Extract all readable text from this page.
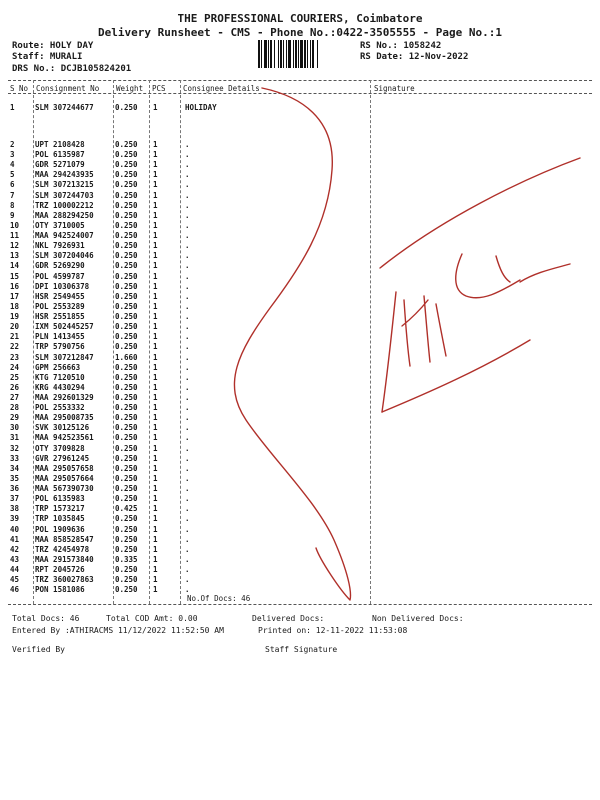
THE PROFESSIONAL COURIERS, Coimbatore
Delivery Runsheet - CMS - Phone No.:0422-3505555 - Page No.:1
Route: HOLY DAY
Staff: MURALI
DRS No.: DCJB105824201
RS No.: 1058242
RS Date: 12-Nov-2022
S No Consignment No Weight PCS Consignee Details	Signature
1	SLM 307244677	0.250 1	HOLIDAY
2	UPT 2108428	0.250 1	.
3	POL 6135987	0.250 1	.
4	GDR 5271079	0.250 1	.
5	MAA 294243935	0.250 1	.
6	SLM 307213215	0.250 1	.
7	SLM 307244703	0.250 1	.
8	TRZ 100002212	0.250 1	.
9	MAA 288294250	0.250 1	.
10 OTY 3710005	0.250 1	.
11 MAA 942524007	0.250 1	.
12 NKL 7926931	0.250 1	.
13 SLM 307204046	0.250 1	.
14 GDR 5269290	0.250 1	.
15 POL 4599787	0.250 1	.
16 DPI 10306378	0.250 1	.
17 HSR 2549455	0.250 1	.
18 POL 2553289	0.250 1	.
19 HSR 2551855	0.250 1	.
20 IXM 502445257	0.250 1	.
21 PLN 1413455	0.250 1	.
22 TRP 5790756	0.250 1	.
23 SLM 307212847	1.660 1	.
24 GPM 256663	0.250 1	.
25 KTG 7120510	0.250 1	.
26 KRG 4430294	0.250 1	.
27 MAA 292601329	0.250 1	.
28 POL 2553332	0.250 1	.
29 MAA 295008735	0.250 1	.
30 SVK 30125126	0.250 1	.
31 MAA 942523561	0.250 1	.
32 OTY 3709828	0.250 1	.
33 GVR 27961245	0.250 1	.
34 MAA 295057658	0.250 1	.
35 MAA 295057664	0.250 1	.
36 MAA 567390730	0.250 1	.
37 POL 6135983	0.250 1	.
38 TRP 1573217	0.425 1	.
39 TRP 1035845	0.250 1	.
40 POL 1909636	0.250 1	.
41 MAA 858528547	0.250 1	.
42 TRZ 42454978	0.250 1	.
43 MAA 291573840	0.335 1	.
44 RPT 2045726	0.250 1	.
45 TRZ 360027863	0.250 1	.
46 PON 1581086	0.250 1	.
No.Of Docs: 46
Total Docs: 46	Total COD Amt: 0.00	Delivered Docs:	Non Delivered Docs:
Entered By :ATHIRACMS 11/12/2022 11:52:50 AM	Printed on: 12-11-2022 11:53:08
Verified By	Staff Signature
